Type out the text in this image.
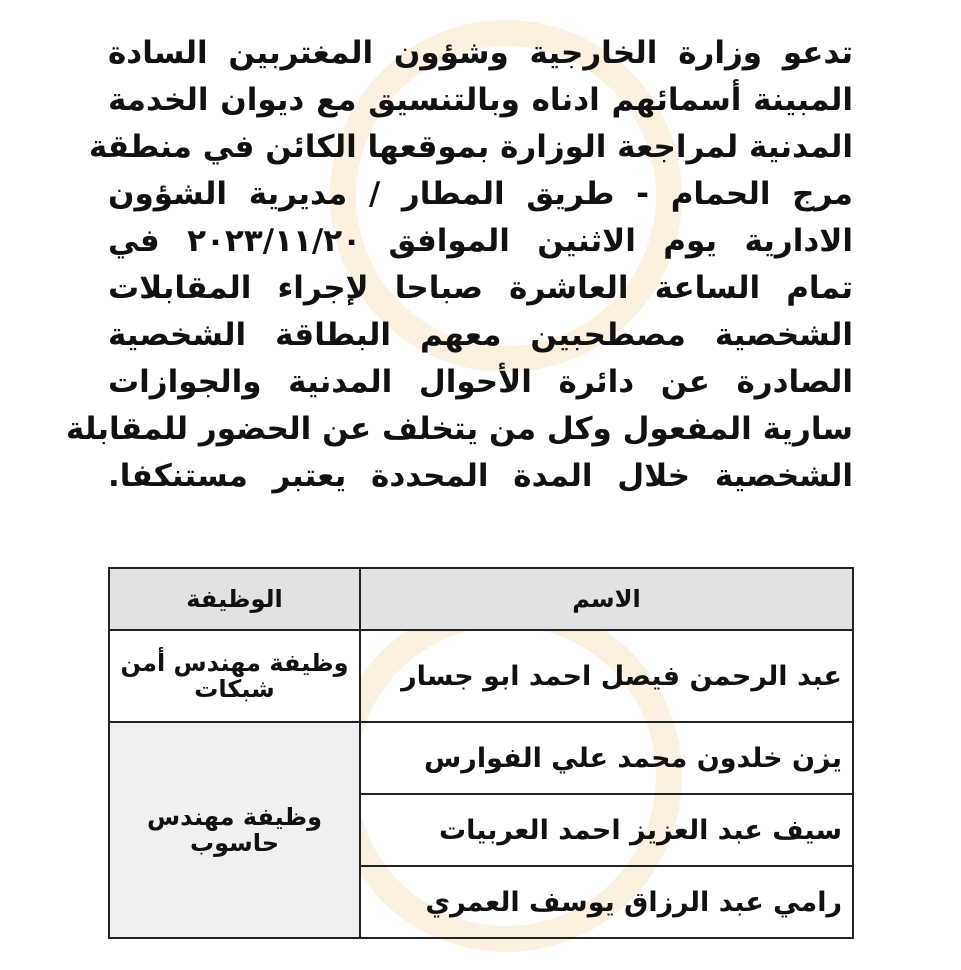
تدعو وزارة الخارجية وشؤون المغتربين السادة
المبينة أسمائهم ادناه وبالتنسيق مع ديوان الخدمة
المدنية لمراجعة الوزارة بموقعها الكائن في منطقة
مرج الحمام - طريق المطار / مديرية الشؤون
الادارية يوم الاثنين الموافق ٢٠٢٣/١١/٢٠ في
تمام الساعة العاشرة صباحا لإجراء المقابلات
الشخصية مصطحبين معهم البطاقة الشخصية
الصادرة عن دائرة الأحوال المدنية والجوازات
سارية المفعول وكل من يتخلف عن الحضور للمقابلة
الشخصية خلال المدة المحددة يعتبر مستنكفا.
الاسم	الوظيفة
عبد الرحمن فيصل احمد ابو جسار	وظيفة مهندس أمن شبكات
يزن خلدون محمد علي الفوارس	وظيفة مهندس حاسوب
سيف عبد العزيز احمد العربيات	
رامي عبد الرزاق يوسف العمري	
